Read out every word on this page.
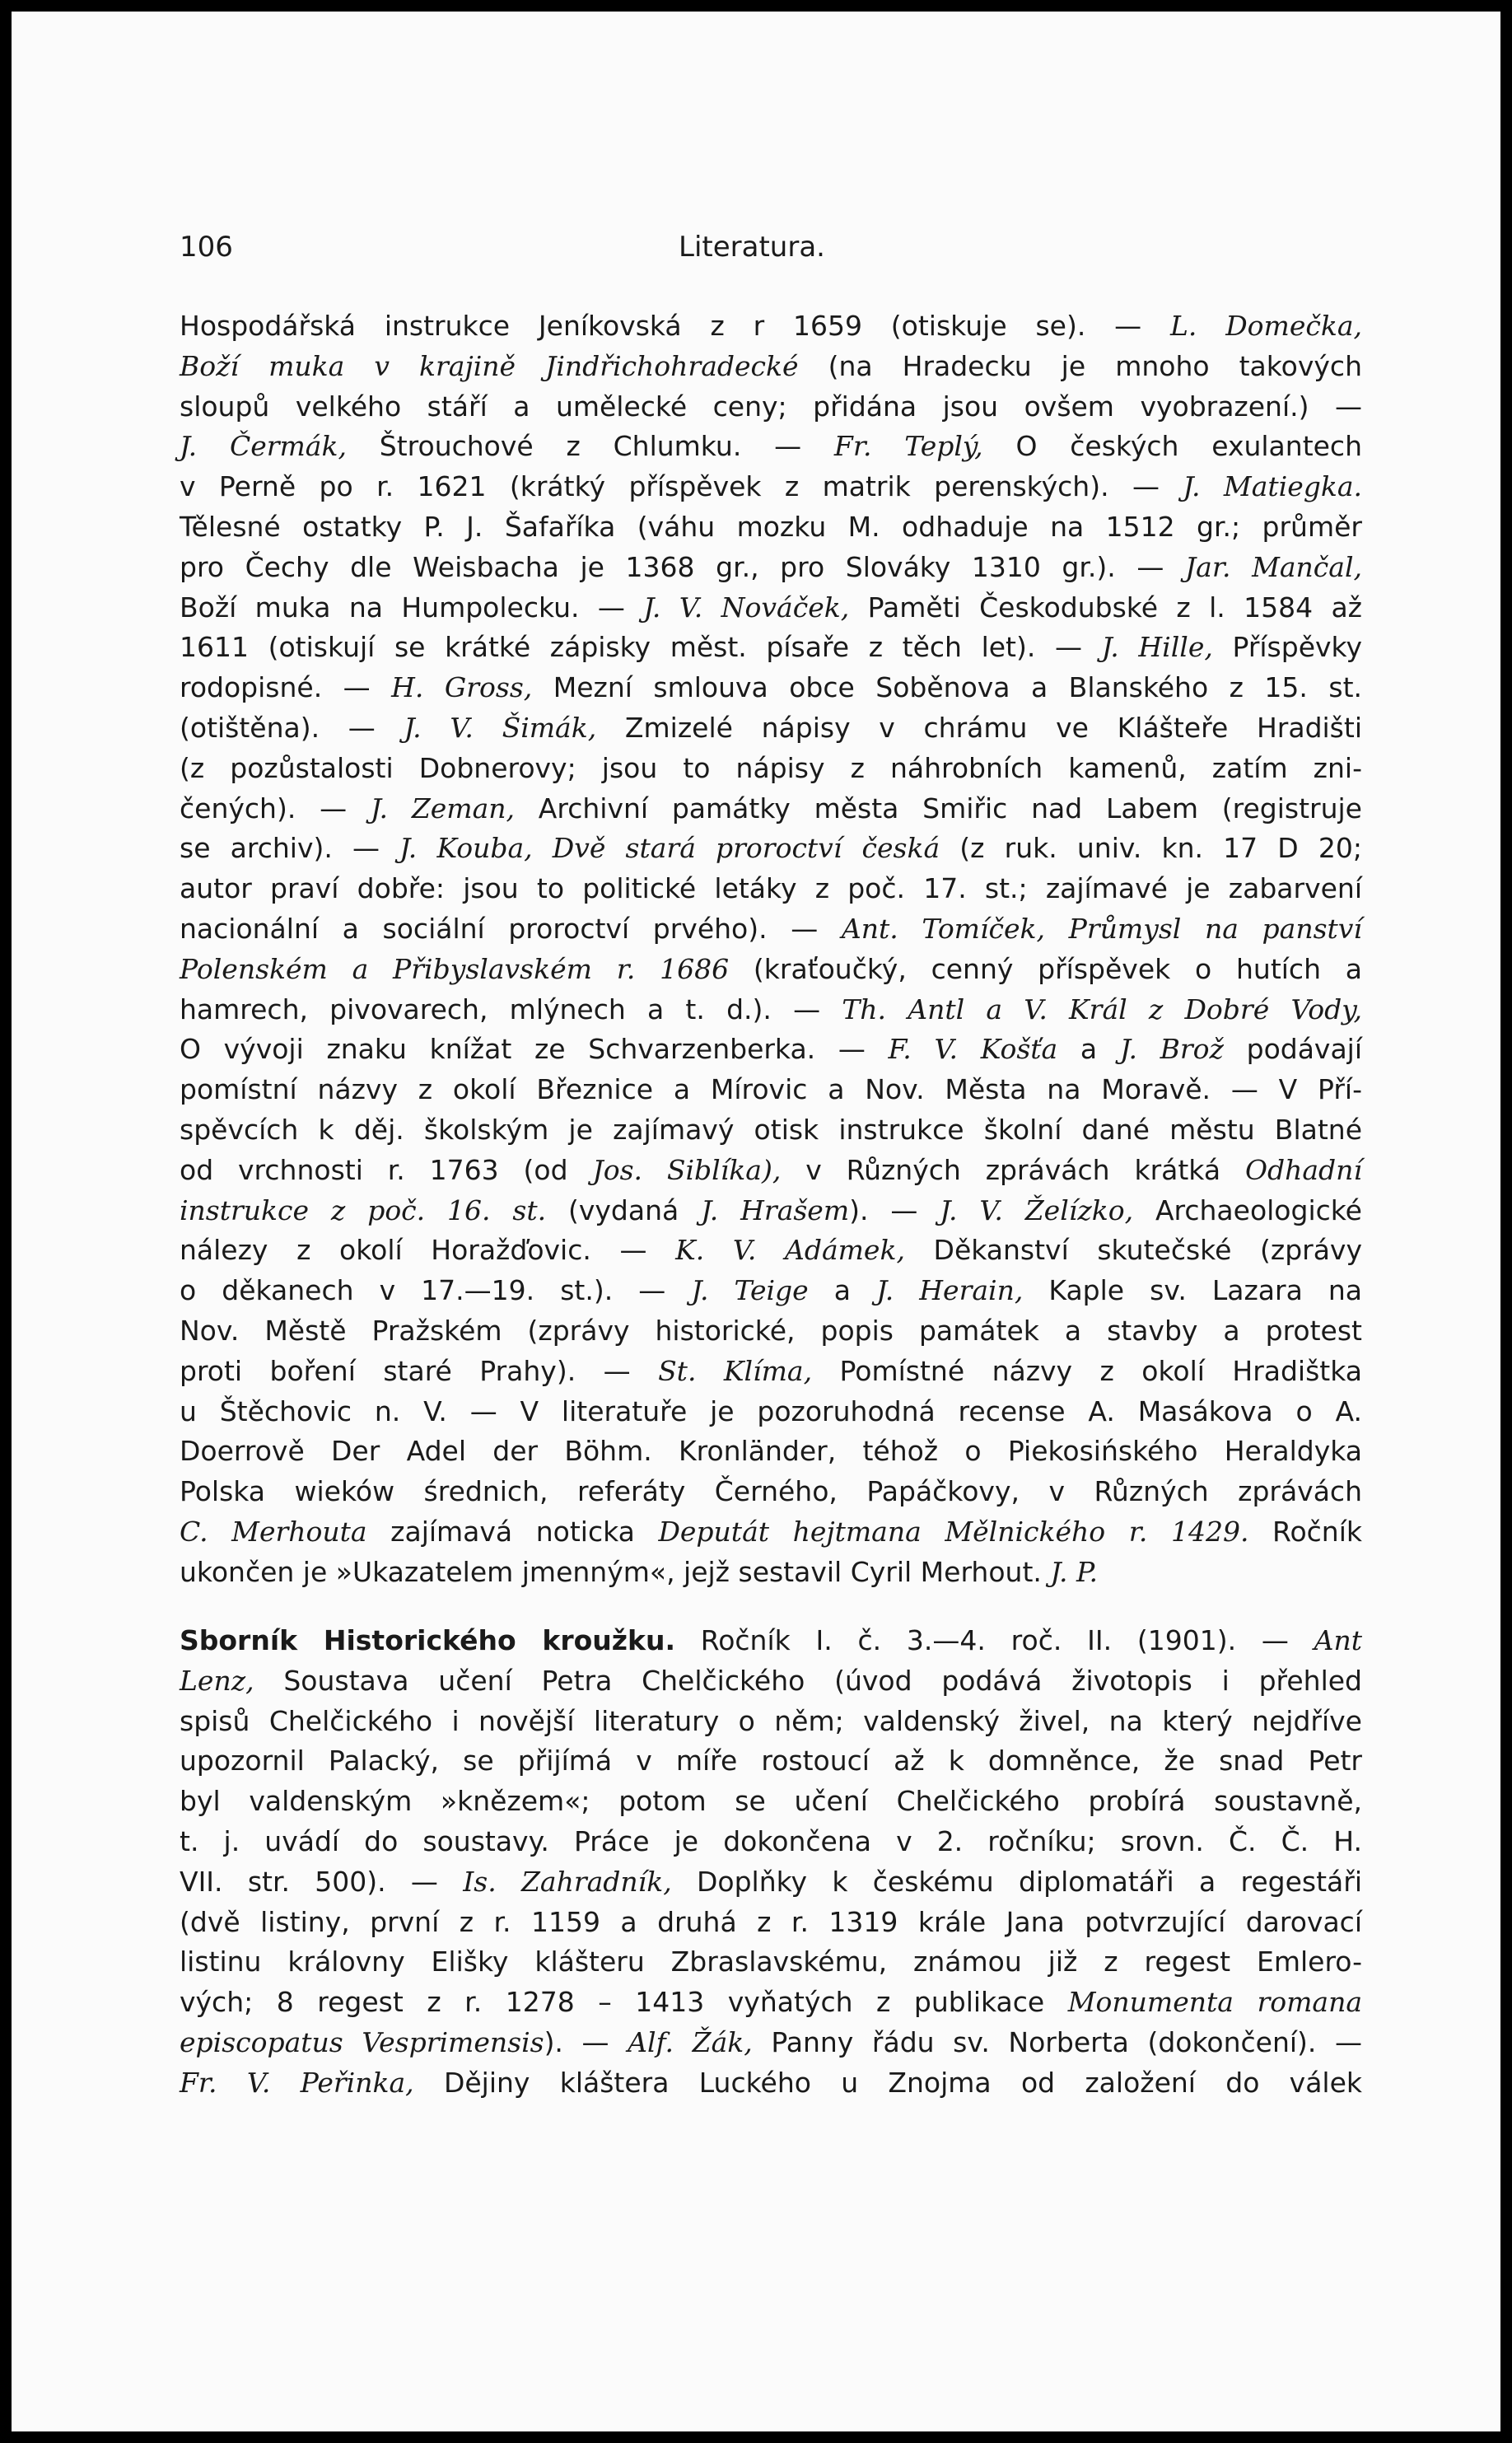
106	Literatura.
Hospodářská instrukce Jeníkovská z r 1659 (otiskuje se). — L. Domečka,
Boží muka v krajině Jindřichohradecké (na Hradecku je mnoho takových
sloupů velkého stáří a umělecké ceny; přidána jsou ovšem vyobrazení.) —
J. Čermák, Štrouchové z Chlumku. — Fr. Teplý, O českých exulantech
v Perně po r. 1621 (krátký příspěvek z matrik perenských). — J. Matiegka.
Tělesné ostatky P. J. Šafaříka (váhu mozku M. odhaduje na 1512 gr.; průměr
pro Čechy dle Weisbacha je 1368 gr., pro Slováky 1310 gr.). — Jar. Mančal,
Boží muka na Humpolecku. — J. V. Nováček, Paměti Českodubské z l. 1584 až
1611 (otiskují se krátké zápisky měst. písaře z těch let). — J. Hille, Příspěvky
rodopisné. — H. Gross, Mezní smlouva obce Soběnova a Blanského z 15. st.
(otištěna). — J. V. Šimák, Zmizelé nápisy v chrámu ve Klášteře Hradišti
(z pozůstalosti Dobnerovy; jsou to nápisy z náhrobních kamenů, zatím zni-
čených). — J. Zeman, Archivní památky města Smiřic nad Labem (registruje
se archiv). — J. Kouba, Dvě stará proroctví česká (z ruk. univ. kn. 17 D 20;
autor praví dobře: jsou to politické letáky z poč. 17. st.; zajímavé je zabarvení
nacionální a sociální proroctví prvého). — Ant. Tomíček, Průmysl na panství
Polenském a Přibyslavském r. 1686 (kraťoučký, cenný příspěvek o hutích a
hamrech, pivovarech, mlýnech a t. d.). — Th. Antl a V. Král z Dobré Vody,
O vývoji znaku knížat ze Schvarzenberka. — F. V. Košťa a J. Brož podávají
pomístní názvy z okolí Březnice a Mírovic a Nov. Města na Moravě. — V Pří-
spěvcích k děj. školským je zajímavý otisk instrukce školní dané městu Blatné
od vrchnosti r. 1763 (od Jos. Siblíka), v Různých zprávách krátká Odhadní
instrukce z poč. 16. st. (vydaná J. Hrašem). — J. V. Želízko, Archaeologické
nálezy z okolí Horažďovic. — K. V. Adámek, Děkanství skutečské (zprávy
o děkanech v 17.—19. st.). — J. Teige a J. Herain, Kaple sv. Lazara na
Nov. Městě Pražském (zprávy historické, popis památek a stavby a protest
proti boření staré Prahy). — St. Klíma, Pomístné názvy z okolí Hradištka
u Štěchovic n. V. — V literatuře je pozoruhodná recense A. Masákova o A.
Doerrově Der Adel der Böhm. Kronländer, téhož o Piekosińského Heraldyka
Polska wieków średnich, referáty Černého, Papáčkovy, v Různých zprávách
C. Merhouta zajímavá noticka Deputát hejtmana Mělnického r. 1429. Ročník
ukončen je »Ukazatelem jmenným«, jejž sestavil Cyril Merhout. J. P.
Sborník Historického kroužku. Ročník I. č. 3.—4. roč. II. (1901). — Ant
Lenz, Soustava učení Petra Chelčického (úvod podává životopis i přehled
spisů Chelčického i novější literatury o něm; valdenský živel, na který nejdříve
upozornil Palacký, se přijímá v míře rostoucí až k domněnce, že snad Petr
byl valdenským »knězem«; potom se učení Chelčického probírá soustavně,
t. j. uvádí do soustavy. Práce je dokončena v 2. ročníku; srovn. Č. Č. H.
VII. str. 500). — Is. Zahradník, Doplňky k českému diplomatáři a regestáři
(dvě listiny, první z r. 1159 a druhá z r. 1319 krále Jana potvrzující darovací
listinu královny Elišky klášteru Zbraslavskému, známou již z regest Emlero-
vých; 8 regest z r. 1278 – 1413 vyňatých z publikace Monumenta romana
episcopatus Vesprimensis). — Alf. Žák, Panny řádu sv. Norberta (dokončení). —
Fr. V. Peřinka, Dějiny kláštera Luckého u Znojma od založení do válek
